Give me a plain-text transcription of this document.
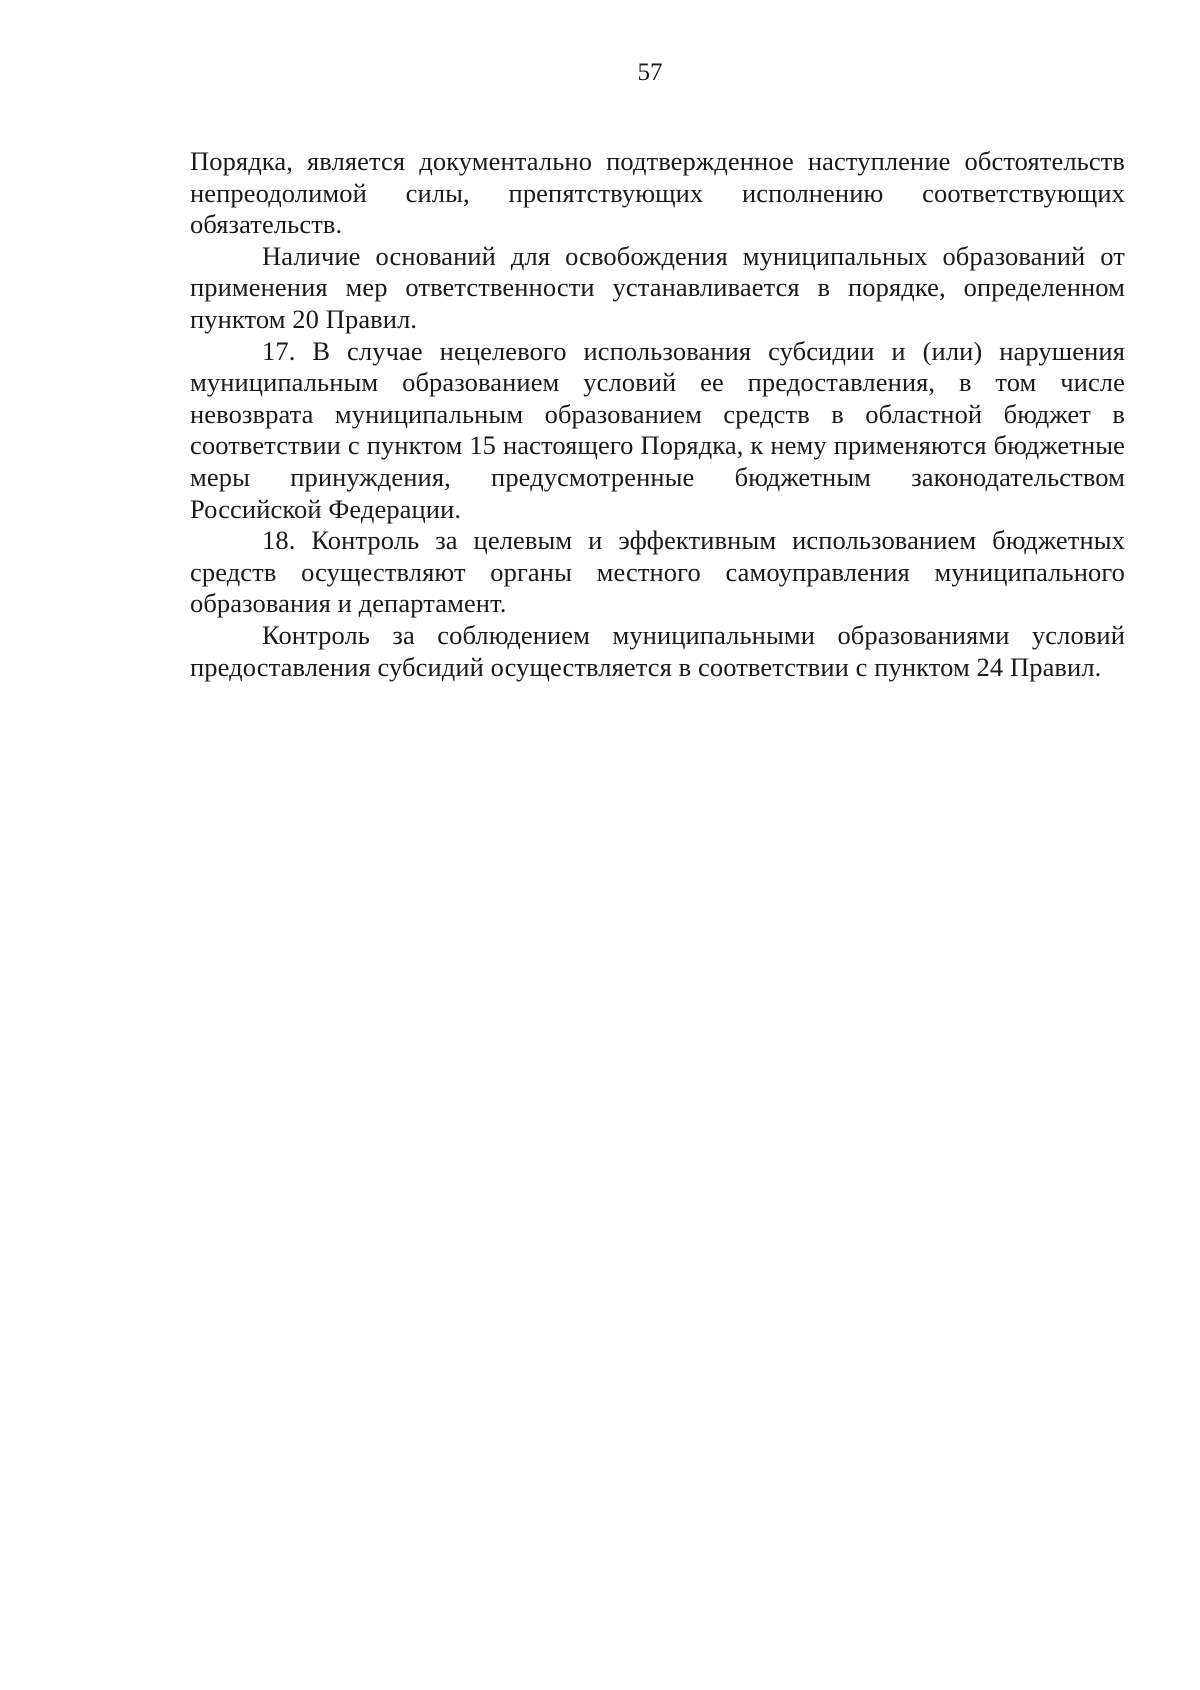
57

Порядка, является документально подтвержденное наступление обстоятельств непреодолимой силы, препятствующих исполнению соответствующих обязательств.

Наличие оснований для освобождения муниципальных образований от применения мер ответственности устанавливается в порядке, определенном пунктом 20 Правил.

17. В случае нецелевого использования субсидии и (или) нарушения муниципальным образованием условий ее предоставления, в том числе невозврата муниципальным образованием средств в областной бюджет в соответствии с пунктом 15 настоящего Порядка, к нему применяются бюджетные меры принуждения, предусмотренные бюджетным законодательством Российской Федерации.

18. Контроль за целевым и эффективным использованием бюджетных средств осуществляют органы местного самоуправления муниципального образования и департамент.

Контроль за соблюдением муниципальными образованиями условий предоставления субсидий осуществляется в соответствии с пунктом 24 Правил.
